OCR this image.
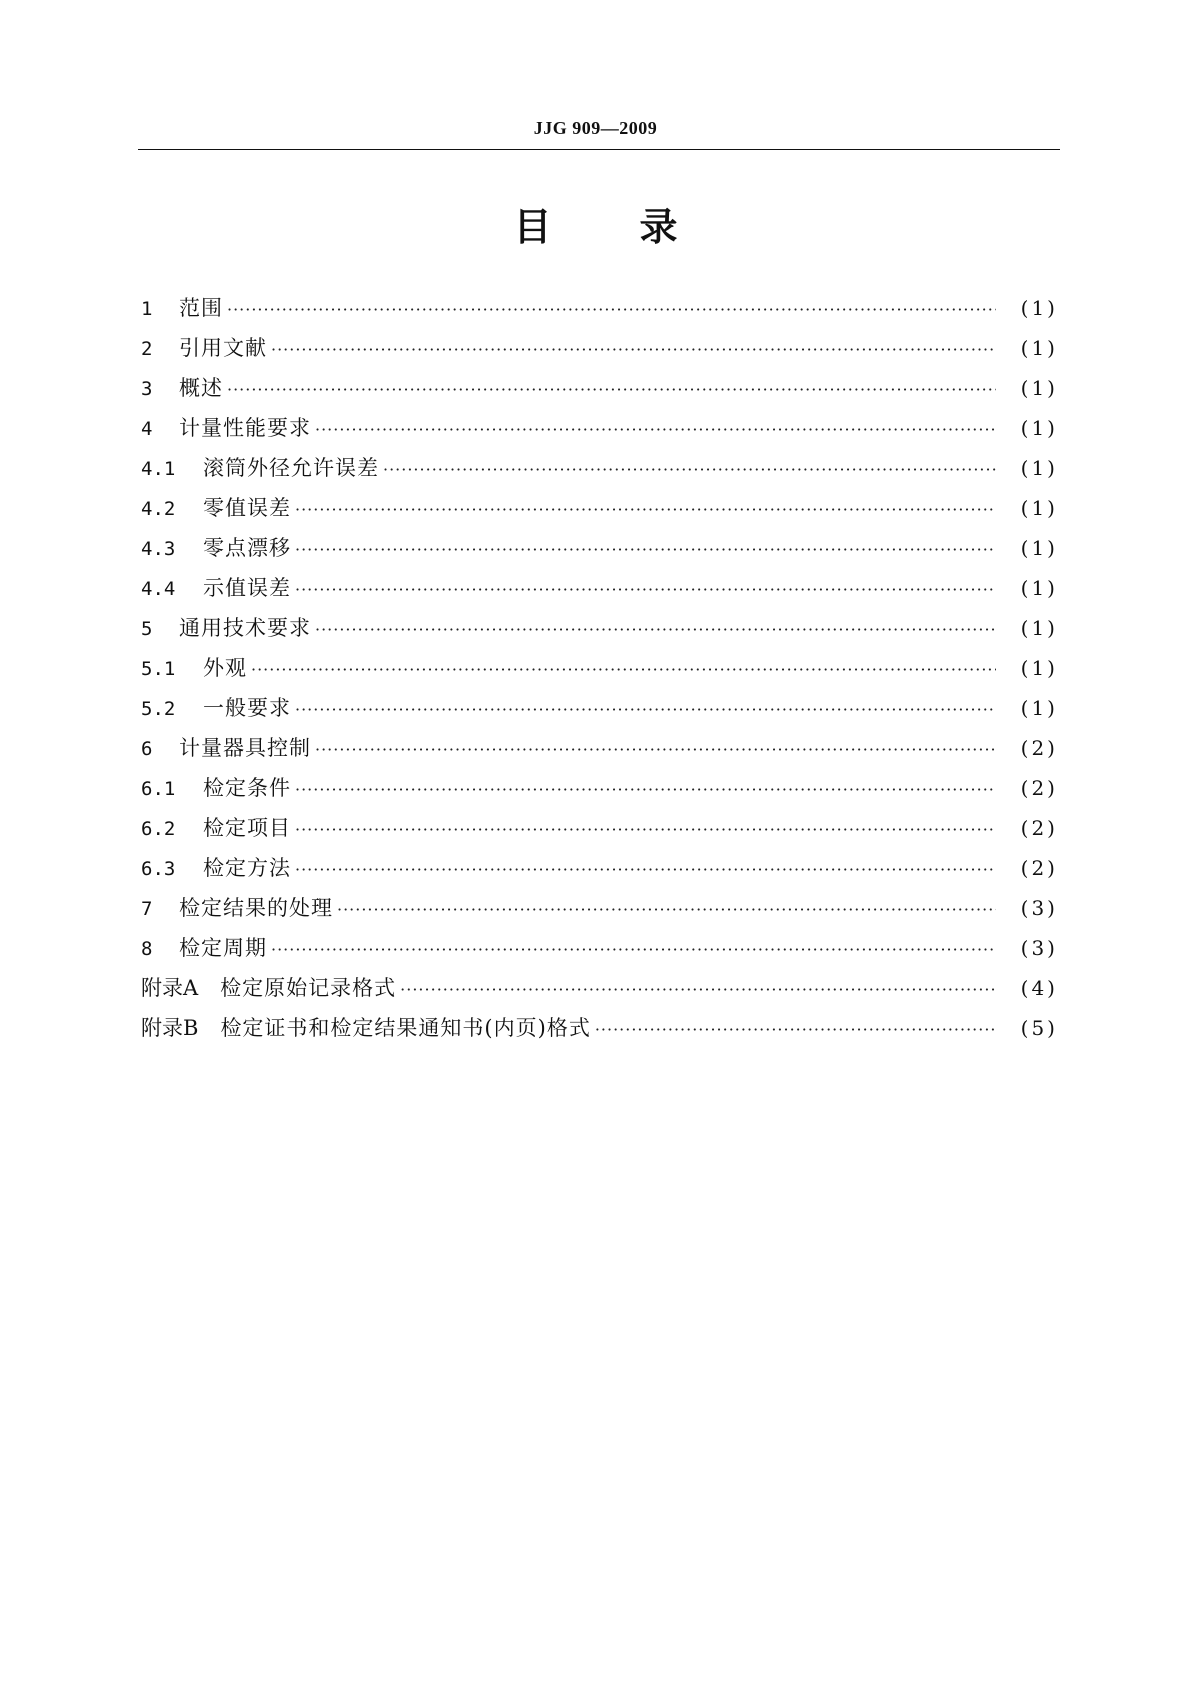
JJG 909—2009
目 录
1	范围 ·····	(1)
2	引用文献 ·····	(1)
3	概述 ·····	(1)
4	计量性能要求 ·····	(1)
4.1	滚筒外径允许误差 ·····	(1)
4.2	零值误差 ·····	(1)
4.3	零点漂移 ·····	(1)
4.4	示值误差 ·····	(1)
5	通用技术要求 ·····	(1)
5.1	外观 ·····	(1)
5.2	一般要求 ·····	(1)
6	计量器具控制 ·····	(2)
6.1	检定条件 ·····	(2)
6.2	检定项目 ·····	(2)
6.3	检定方法 ·····	(2)
7	检定结果的处理 ·····	(3)
8	检定周期 ·····	(3)
附录A	检定原始记录格式 ·····	(4)
附录B	检定证书和检定结果通知书(内页)格式 ·····	(5)
